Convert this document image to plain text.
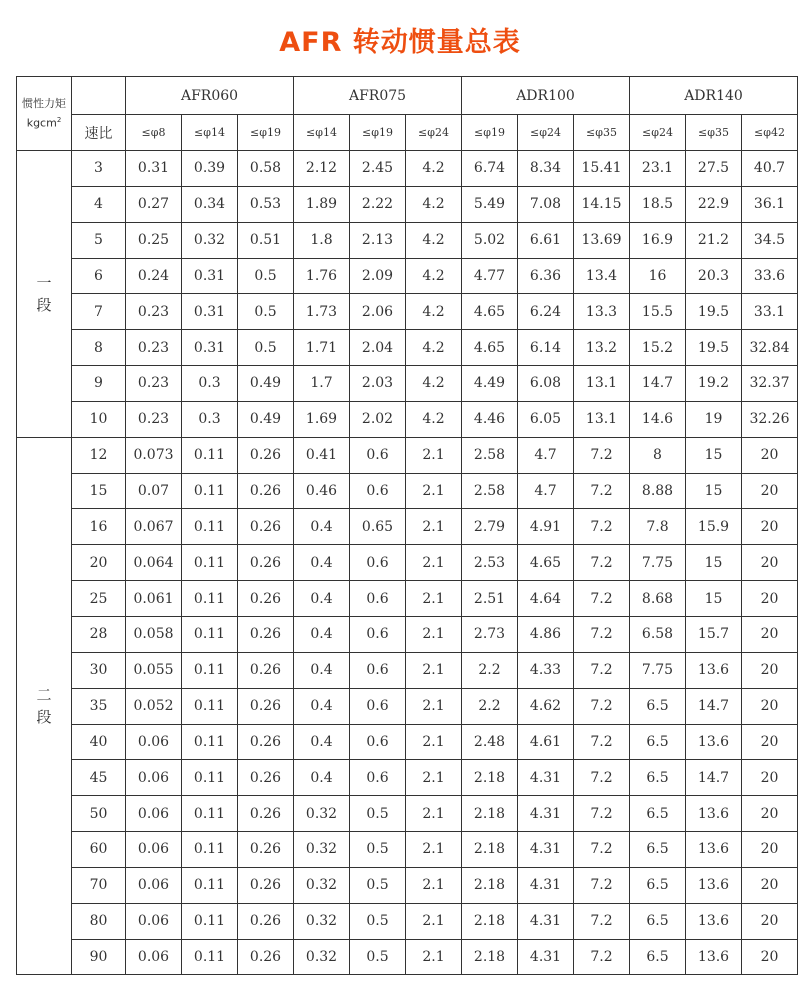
AFR 转动惯量总表
惯性力矩
kgcm$^2$		AFR060			AFR075			ADR100			ADR140		
	速比	≤φ8	≤φ14	≤φ19	≤φ14	≤φ19	≤φ24	≤φ19	≤φ24	≤φ35	≤φ24	≤φ35	≤φ42

一
段	3	0.31	0.39	0.58	2.12	2.45	4.2	6.74	8.34	15.41	23.1	27.5	40.7
	4	0.27	0.34	0.53	1.89	2.22	4.2	5.49	7.08	14.15	18.5	22.9	36.1
	5	0.25	0.32	0.51	1.8	2.13	4.2	5.02	6.61	13.69	16.9	21.2	34.5
	6	0.24	0.31	0.5	1.76	2.09	4.2	4.77	6.36	13.4	16	20.3	33.6
	7	0.23	0.31	0.5	1.73	2.06	4.2	4.65	6.24	13.3	15.5	19.5	33.1
	8	0.23	0.31	0.5	1.71	2.04	4.2	4.65	6.14	13.2	15.2	19.5	32.84
	9	0.23	0.3	0.49	1.7	2.03	4.2	4.49	6.08	13.1	14.7	19.2	32.37
	10	0.23	0.3	0.49	1.69	2.02	4.2	4.46	6.05	13.1	14.6	19	32.26

二
段	12	0.073	0.11	0.26	0.41	0.6	2.1	2.58	4.7	7.2	8	15	20
	15	0.07	0.11	0.26	0.46	0.6	2.1	2.58	4.7	7.2	8.88	15	20
	16	0.067	0.11	0.26	0.4	0.65	2.1	2.79	4.91	7.2	7.8	15.9	20
	20	0.064	0.11	0.26	0.4	0.6	2.1	2.53	4.65	7.2	7.75	15	20
	25	0.061	0.11	0.26	0.4	0.6	2.1	2.51	4.64	7.2	8.68	15	20
	28	0.058	0.11	0.26	0.4	0.6	2.1	2.73	4.86	7.2	6.58	15.7	20
	30	0.055	0.11	0.26	0.4	0.6	2.1	2.2	4.33	7.2	7.75	13.6	20
	35	0.052	0.11	0.26	0.4	0.6	2.1	2.2	4.62	7.2	6.5	14.7	20
	40	0.06	0.11	0.26	0.4	0.6	2.1	2.48	4.61	7.2	6.5	13.6	20
	45	0.06	0.11	0.26	0.4	0.6	2.1	2.18	4.31	7.2	6.5	14.7	20
	50	0.06	0.11	0.26	0.32	0.5	2.1	2.18	4.31	7.2	6.5	13.6	20
	60	0.06	0.11	0.26	0.32	0.5	2.1	2.18	4.31	7.2	6.5	13.6	20
	70	0.06	0.11	0.26	0.32	0.5	2.1	2.18	4.31	7.2	6.5	13.6	20
	80	0.06	0.11	0.26	0.32	0.5	2.1	2.18	4.31	7.2	6.5	13.6	20
	90	0.06	0.11	0.26	0.32	0.5	2.1	2.18	4.31	7.2	6.5	13.6	20
